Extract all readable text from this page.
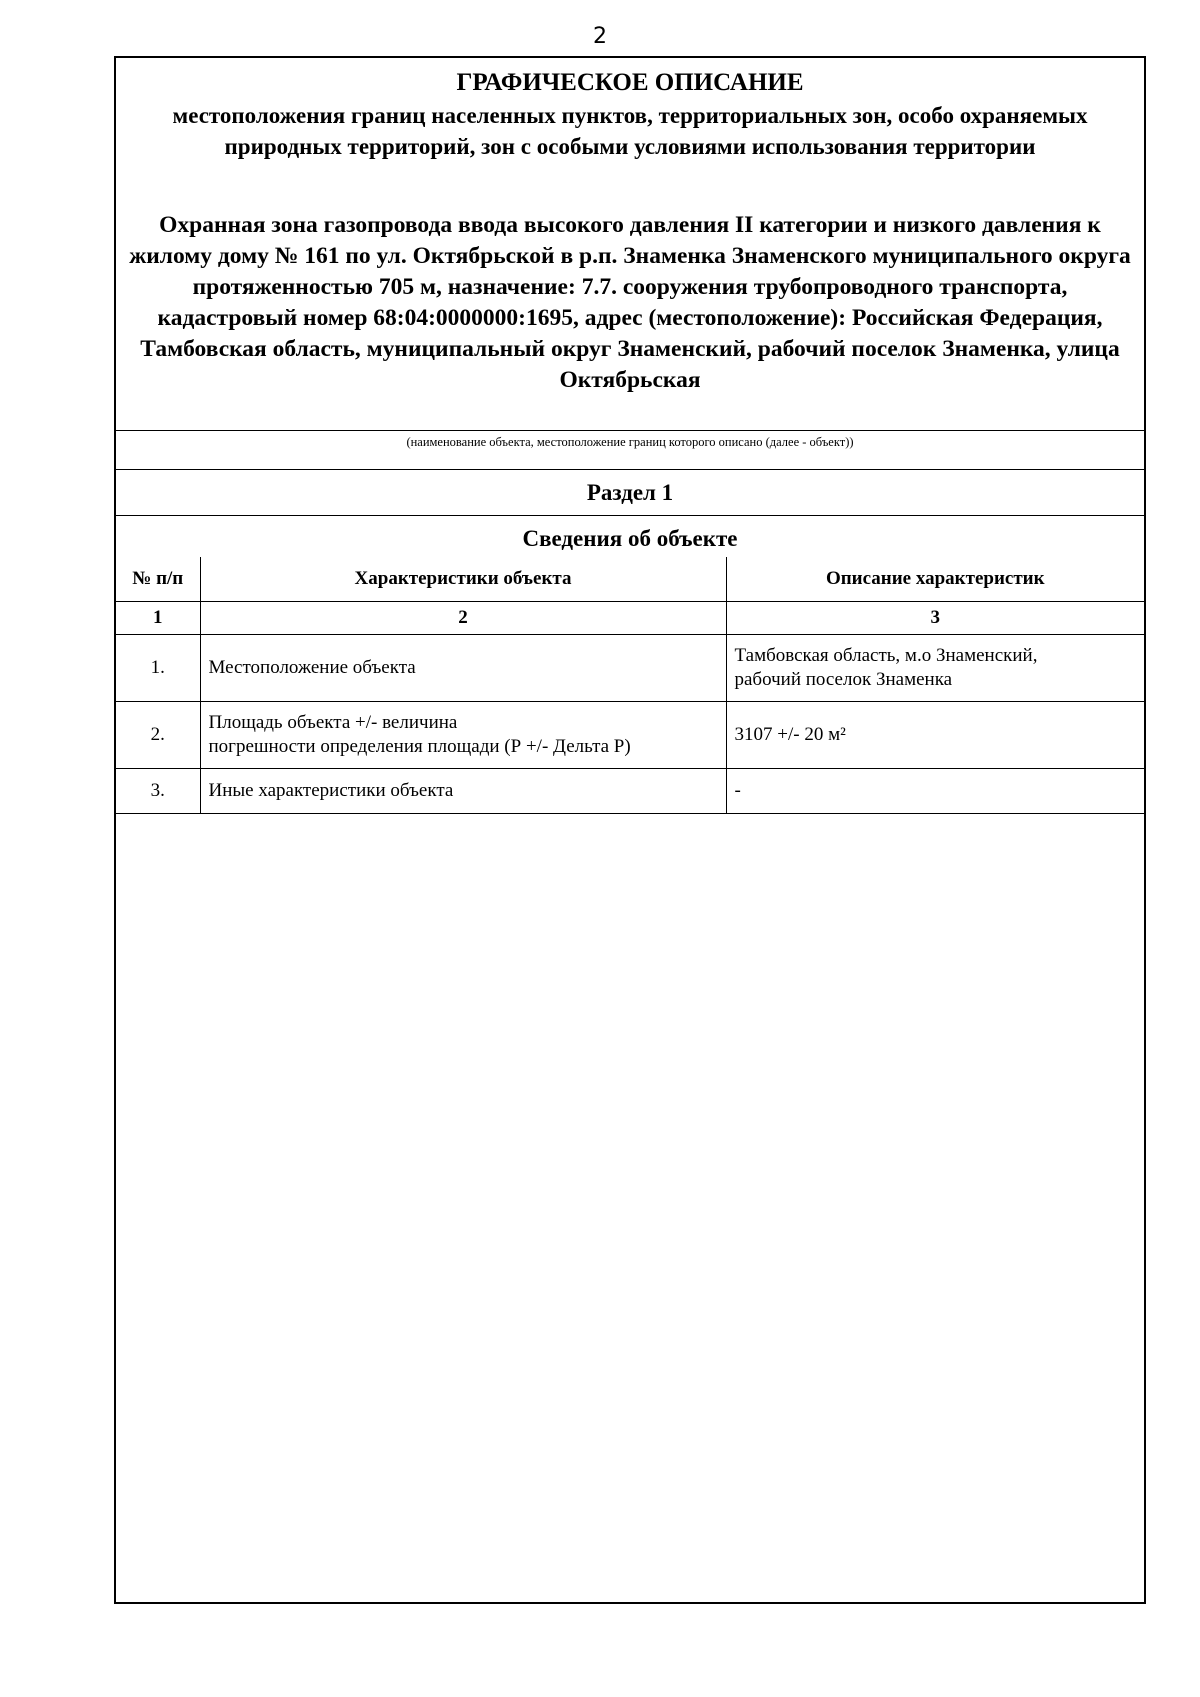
2
ГРАФИЧЕСКОЕ ОПИСАНИЕ
местоположения границ населенных пунктов, территориальных зон, особо охраняемых природных территорий, зон с особыми условиями использования территории
Охранная зона газопровода ввода высокого давления II категории и низкого давления к жилому дому № 161 по ул. Октябрьской в р.п. Знаменка Знаменского муниципального округа протяженностью 705 м, назначение: 7.7. сооружения трубопроводного транспорта, кадастровый номер 68:04:0000000:1695, адрес (местоположение): Российская Федерация, Тамбовская область, муниципальный округ Знаменский, рабочий поселок Знаменка, улица Октябрьская
(наименование объекта, местоположение границ которого описано (далее - объект))
Раздел 1
Сведения об объекте
№ п/п	Характеристики объекта	Описание характеристик
1	2	3
1.	Местоположение объекта	Тамбовская область, м.о Знаменский,
рабочий поселок Знаменка
2.	Площадь объекта +/- величина
погрешности определения площади (Р +/- Дельта Р)	3107 +/- 20 м²
3.	Иные характеристики объекта	-
